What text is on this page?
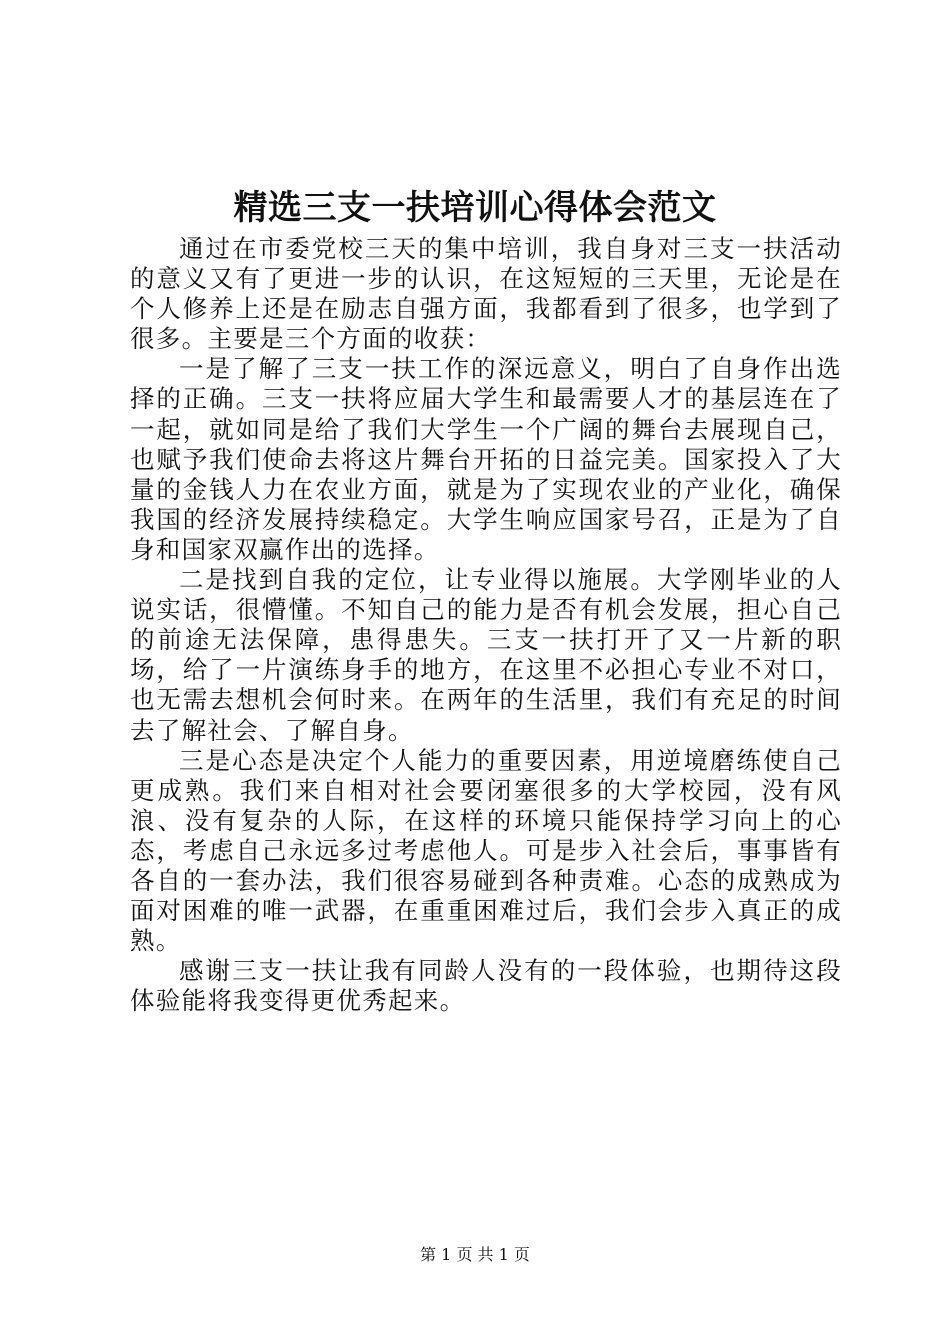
精选三支一扶培训心得体会范文

通过在市委党校三天的集中培训，我自身对三支一扶活动的意义又有了更进一步的认识，在这短短的三天里，无论是在个人修养上还是在励志自强方面，我都看到了很多，也学到了很多。主要是三个方面的收获：

一是了解了三支一扶工作的深远意义，明白了自身作出选择的正确。三支一扶将应届大学生和最需要人才的基层连在了一起，就如同是给了我们大学生一个广阔的舞台去展现自己，也赋予我们使命去将这片舞台开拓的日益完美。国家投入了大量的金钱人力在农业方面，就是为了实现农业的产业化，确保我国的经济发展持续稳定。大学生响应国家号召，正是为了自身和国家双赢作出的选择。

二是找到自我的定位，让专业得以施展。大学刚毕业的人说实话，很懵懂。不知自己的能力是否有机会发展，担心自己的前途无法保障，患得患失。三支一扶打开了又一片新的职场，给了一片演练身手的地方，在这里不必担心专业不对口，也无需去想机会何时来。在两年的生活里，我们有充足的时间去了解社会、了解自身。

三是心态是决定个人能力的重要因素，用逆境磨练使自己更成熟。我们来自相对社会要闭塞很多的大学校园，没有风浪、没有复杂的人际，在这样的环境只能保持学习向上的心态，考虑自己永远多过考虑他人。可是步入社会后，事事皆有各自的一套办法，我们很容易碰到各种责难。心态的成熟成为面对困难的唯一武器，在重重困难过后，我们会步入真正的成熟。

感谢三支一扶让我有同龄人没有的一段体验，也期待这段体验能将我变得更优秀起来。

第 1 页 共 1 页
